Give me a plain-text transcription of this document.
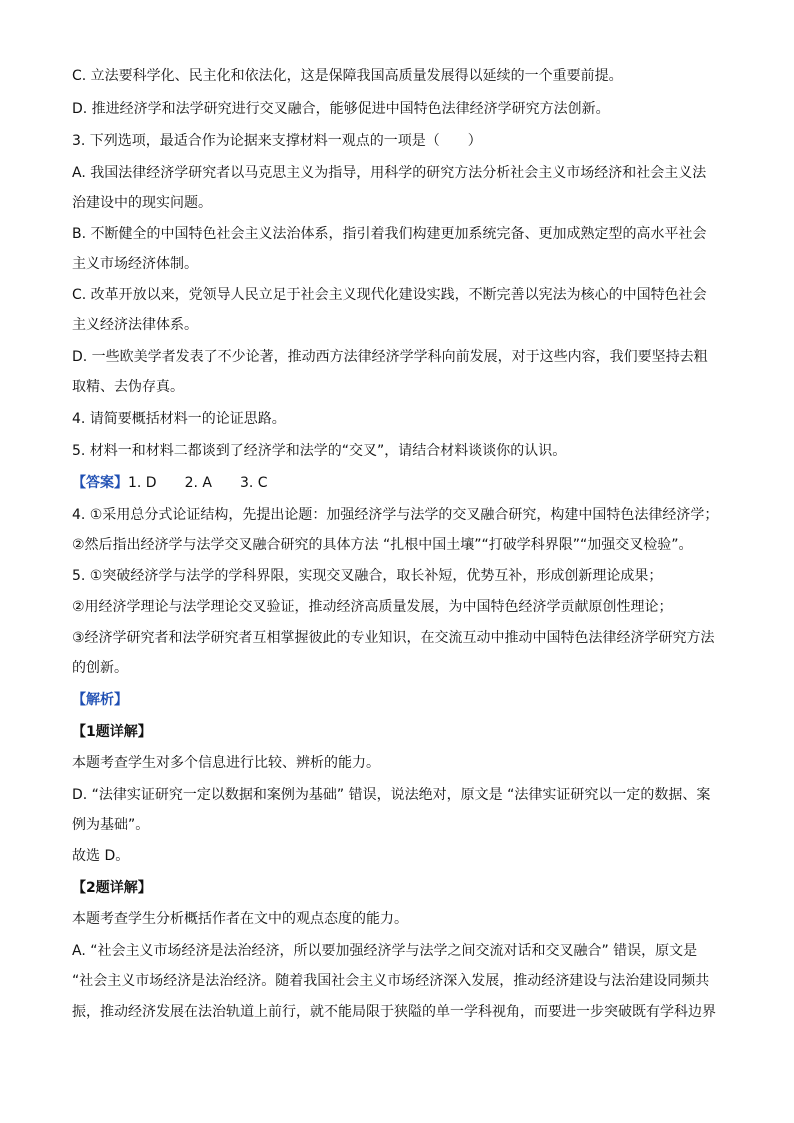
C. 立法要科学化、民主化和依法化，这是保障我国高质量发展得以延续的一个重要前提。
D. 推进经济学和法学研究进行交叉融合，能够促进中国特色法律经济学研究方法创新。
3. 下列选项，最适合作为论据来支撑材料一观点的一项是（　　）
A. 我国法律经济学研究者以马克思主义为指导，用科学的研究方法分析社会主义市场经济和社会主义法
治建设中的现实问题。
B. 不断健全的中国特色社会主义法治体系，指引着我们构建更加系统完备、更加成熟定型的高水平社会
主义市场经济体制。
C. 改革开放以来，党领导人民立足于社会主义现代化建设实践，不断完善以宪法为核心的中国特色社会
主义经济法律体系。
D. 一些欧美学者发表了不少论著，推动西方法律经济学学科向前发展，对于这些内容，我们要坚持去粗
取精、去伪存真。
4. 请简要概括材料一的论证思路。
5. 材料一和材料二都谈到了经济学和法学的“交叉”，请结合材料谈谈你的认识。
【答案】1. D　　2. A　　3. C
4. ①采用总分式论证结构，先提出论题：加强经济学与法学的交叉融合研究，构建中国特色法律经济学；
②然后指出经济学与法学交叉融合研究的具体方法 “扎根中国土壤”“打破学科界限”“加强交叉检验”。
5. ①突破经济学与法学的学科界限，实现交叉融合，取长补短，优势互补，形成创新理论成果；
②用经济学理论与法学理论交叉验证，推动经济高质量发展，为中国特色经济学贡献原创性理论；
③经济学研究者和法学研究者互相掌握彼此的专业知识，在交流互动中推动中国特色法律经济学研究方法
的创新。
【解析】
【1题详解】
本题考查学生对多个信息进行比较、辨析的能力。
D. “法律实证研究一定以数据和案例为基础” 错误，说法绝对，原文是 “法律实证研究以一定的数据、案
例为基础”。
故选 D。
【2题详解】
本题考查学生分析概括作者在文中的观点态度的能力。
A. “社会主义市场经济是法治经济，所以要加强经济学与法学之间交流对话和交叉融合” 错误，原文是
“社会主义市场经济是法治经济。随着我国社会主义市场经济深入发展，推动经济建设与法治建设同频共
振，推动经济发展在法治轨道上前行，就不能局限于狭隘的单一学科视角，而要进一步突破既有学科边界
